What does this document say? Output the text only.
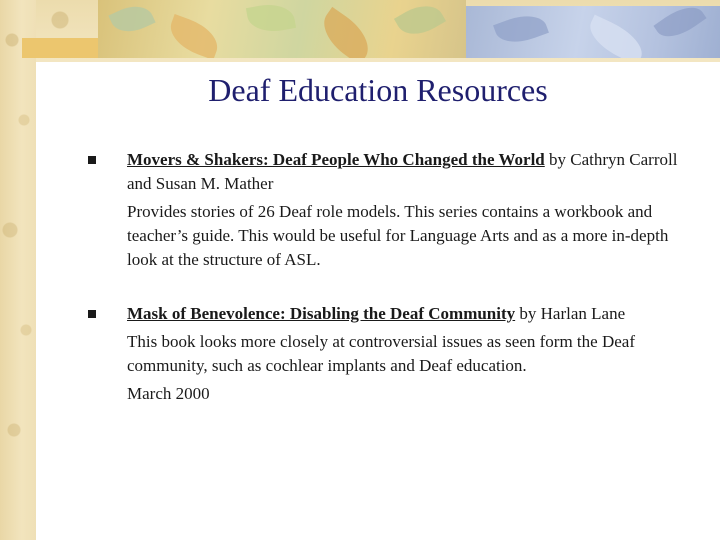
Deaf Education Resources
Movers & Shakers: Deaf People Who Changed the World by Cathryn Carroll and Susan M. Mather
Provides stories of 26 Deaf role models. This series contains a workbook and teacher’s guide. This would be useful for Language Arts and as a more in-depth look at the structure of ASL.
Mask of Benevolence: Disabling the Deaf Community by Harlan Lane
This book looks more closely at controversial issues as seen form the Deaf community, such as cochlear implants and Deaf education.
March 2000
